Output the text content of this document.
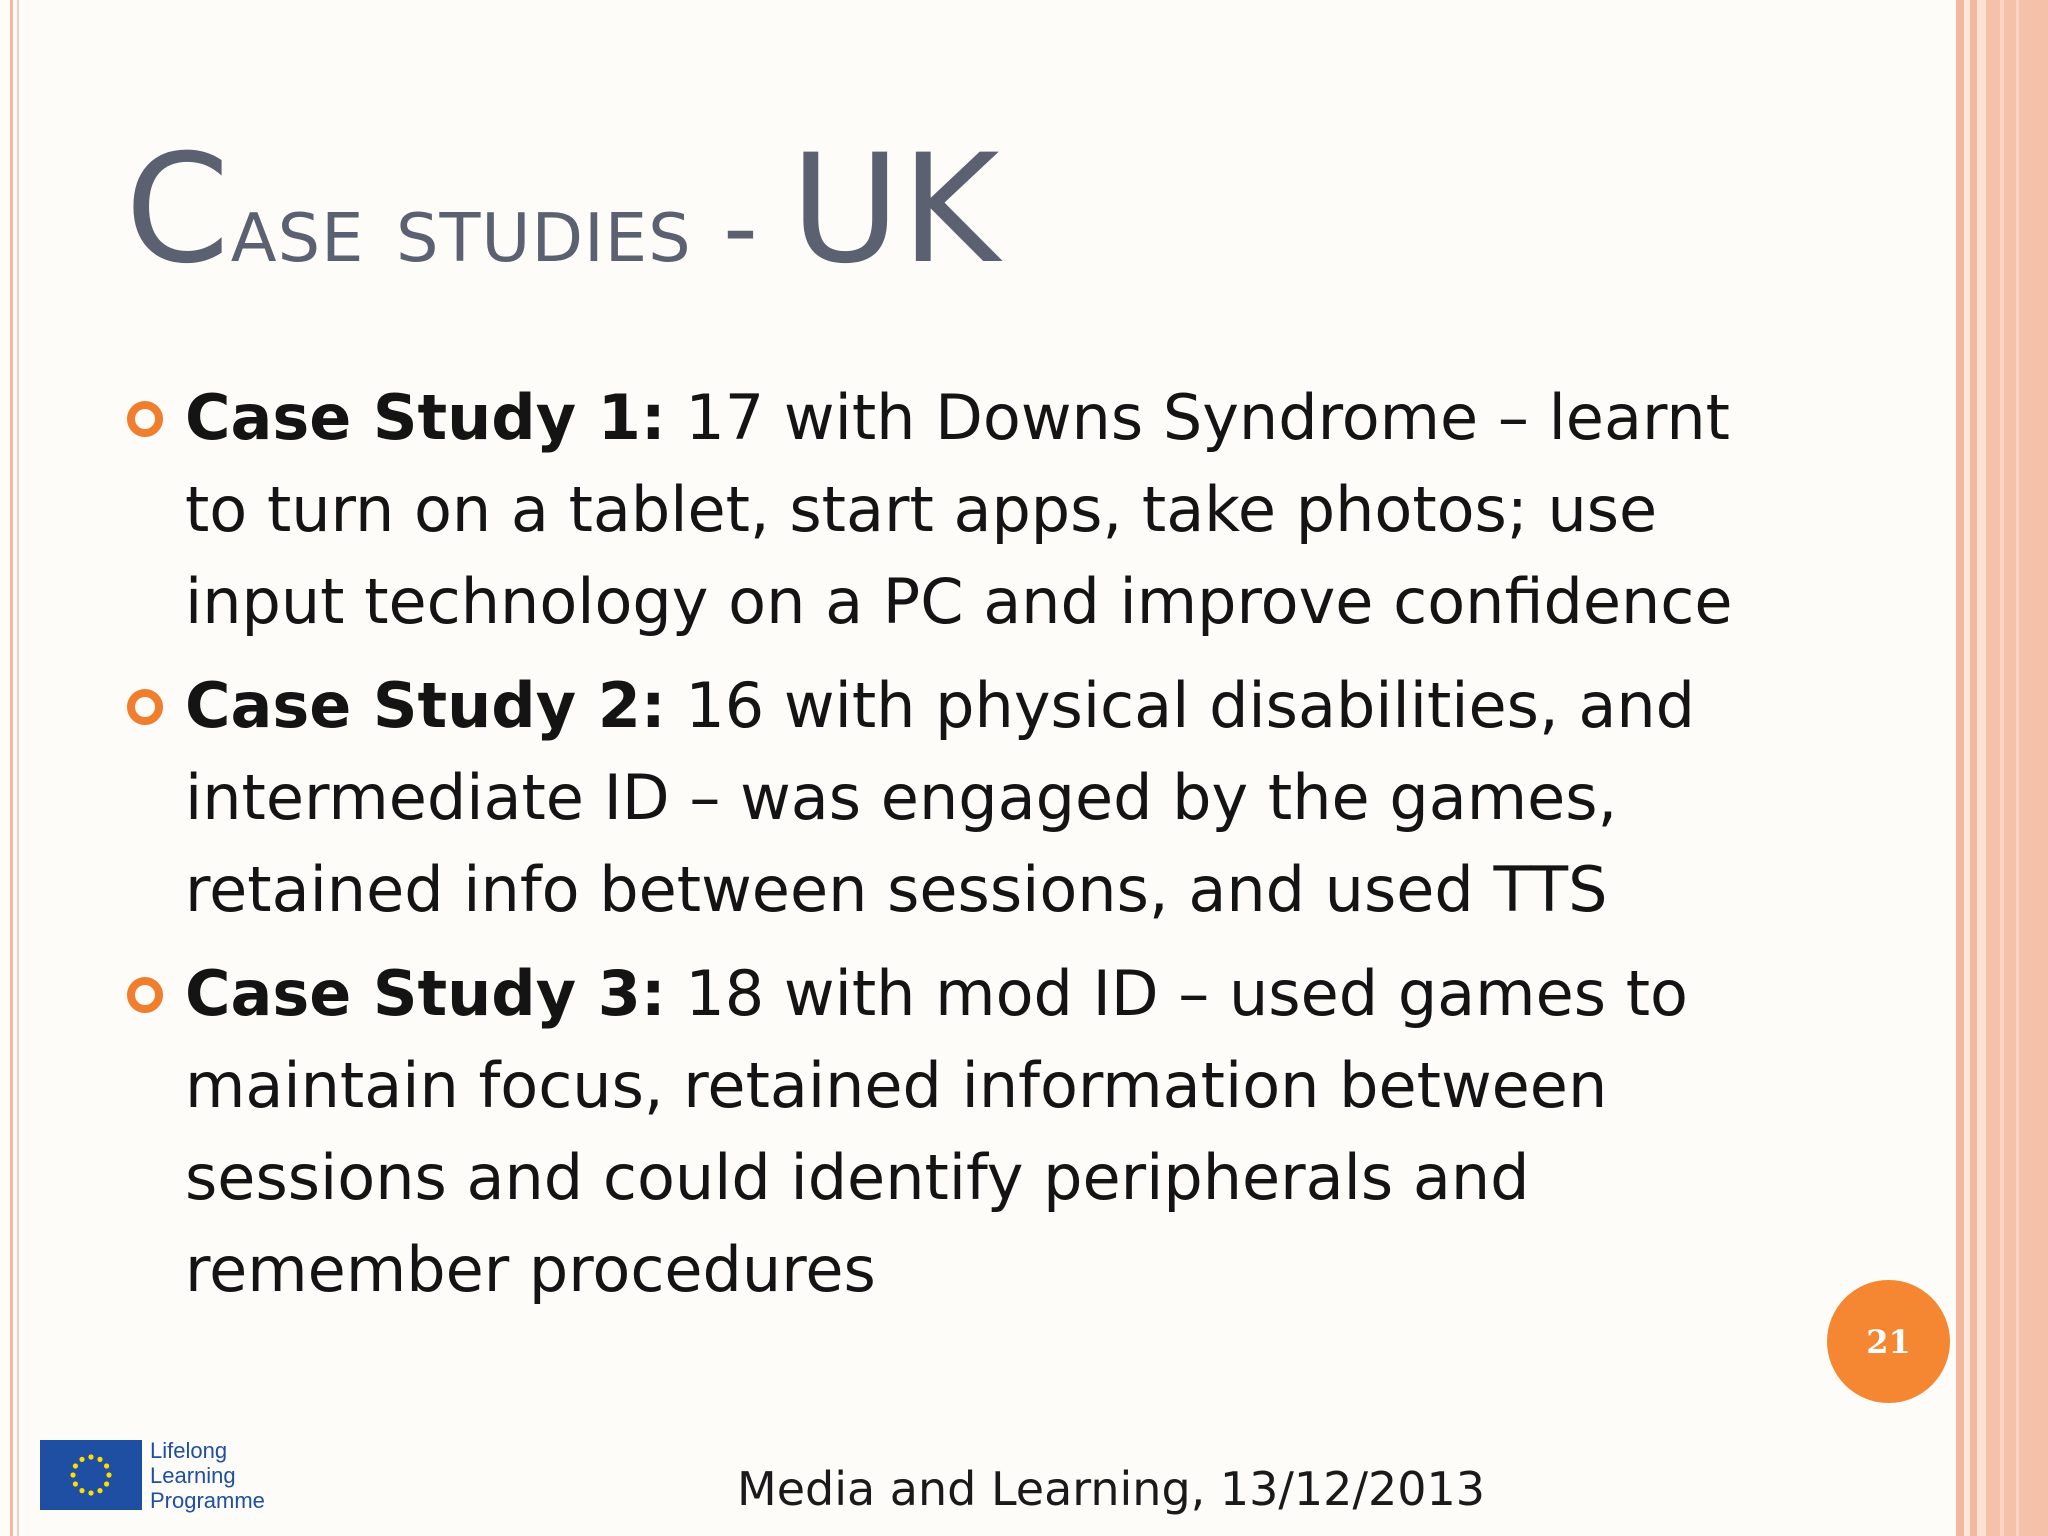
Case studies - UK
Case Study 1: 17 with Downs Syndrome – learnt to turn on a tablet, start apps, take photos; use input technology on a PC and improve confidence
Case Study 2: 16 with physical disabilities, and intermediate ID – was engaged by the games, retained info between sessions, and used TTS
Case Study 3: 18 with mod ID – used games to maintain focus, retained information between sessions and could identify peripherals and remember procedures
21
Lifelong
Learning
Programme	Media and Learning, 13/12/2013
